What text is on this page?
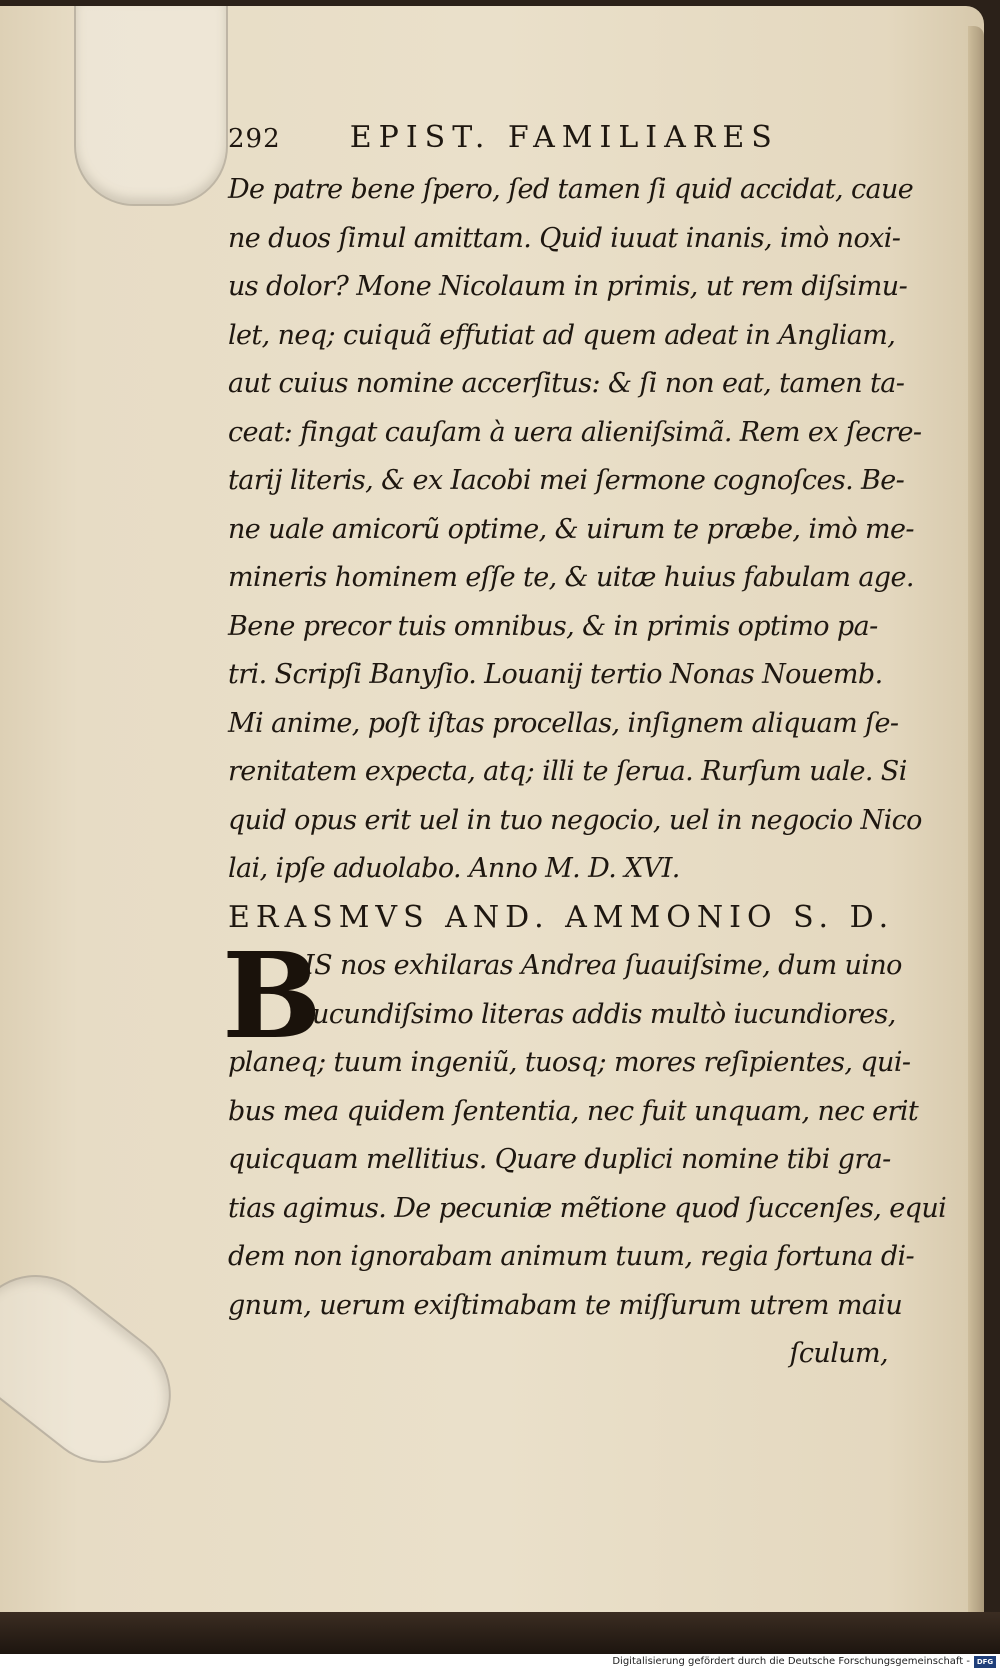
292 EPIST. FAMILIARES
De patre bene ſpero, ſed tamen ſi quid accidat, caue
ne duos ſimul amittam. Quid iuuat inanis, imò noxi-
us dolor? Mone Nicolaum in primis, ut rem diſsimu-
let, neq; cuiquã effutiat ad quem adeat in Angliam,
aut cuius nomine accerſitus: & ſi non eat, tamen ta-
ceat: fingat cauſam à uera alieniſsimã. Rem ex ſecre-
tarij literis, & ex Iacobi mei ſermone cognoſces. Be-
ne uale amicorũ optime, & uirum te præbe, imò me-
mineris hominem eſſe te, & uitæ huius fabulam age.
Bene precor tuis omnibus, & in primis optimo pa-
tri. Scripſi Banyſio. Louanij tertio Nonas Nouemb.
Mi anime, poſt iſtas procellas, inſignem aliquam ſe-
renitatem expecta, atq; illi te ſerua. Rurſum uale. Si
quid opus erit uel in tuo negocio, uel in negocio Nico
lai, ipſe aduolabo. Anno M. D. XVI.
ERASMVS AND. AMMONIO S. D.
B
IS nos exhilaras Andrea ſuauiſsime, dum uino
iucundiſsimo literas addis multò iucundiores,
planeq; tuum ingeniũ, tuosq; mores reſipientes, qui-
bus mea quidem ſententia, nec fuit unquam, nec erit
quicquam mellitius. Quare duplici nomine tibi gra-
tias agimus. De pecuniæ mẽtione quod ſuccenſes, equi
dem non ignorabam animum tuum, regia fortuna di-
gnum, uerum exiſtimabam te miſſurum utrem maiu
ſculum,
Digitalisierung gefördert durch die Deutsche Forschungsgemeinschaft - DFG
